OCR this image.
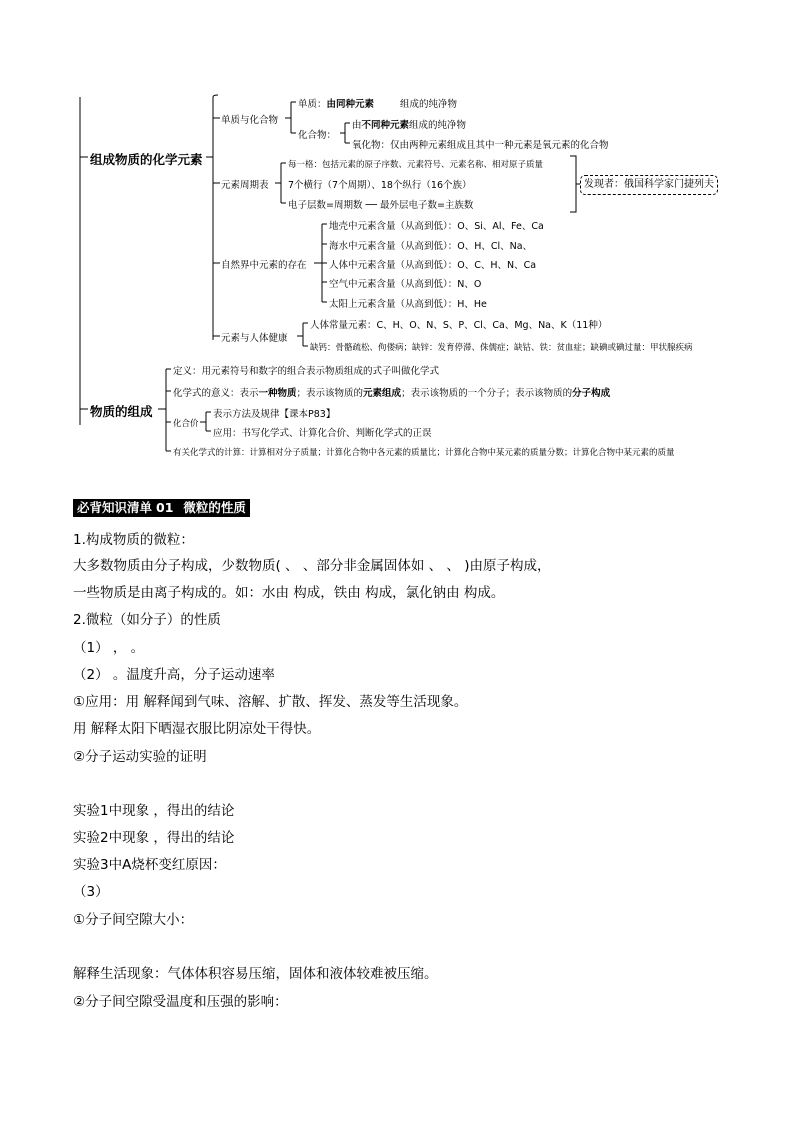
组成物质的化学元素
物质的组成
单质与化合物
单质：由同种元素	组成的纯净物
化合物：
由不同种元素组成的纯净物
氧化物：仅由两种元素组成且其中一种元素是氧元素的化合物
元素周期表
每一格：包括元素的原子序数、元素符号、元素名称、相对原子质量
7个横行（7个周期）、18个纵行（16个族）
电子层数=周期数 ── 最外层电子数=主族数
发现者：俄国科学家门捷列夫
自然界中元素的存在
地壳中元素含量（从高到低）：O、Si、Al、Fe、Ca
海水中元素含量（从高到低）：O、H、Cl、Na、
人体中元素含量（从高到低）：O、C、H、N、Ca
空气中元素含量（从高到低）：N、O
太阳上元素含量（从高到低）：H、He
元素与人体健康
人体常量元素：C、H、O、N、S、P、Cl、Ca、Mg、Na、K（11种）
缺钙：骨骼疏松、佝偻病；缺锌：发育停滞、侏儒症；缺钴、铁：贫血症；缺碘或碘过量：甲状腺疾病
定义：用元素符号和数字的组合表示物质组成的式子叫做化学式
化学式的意义：表示一种物质；表示该物质的元素组成；表示该物质的一个分子；表示该物质的分子构成
化合价
表示方法及规律【课本P83】
应用：书写化学式、计算化合价、判断化学式的正误
有关化学式的计算：计算相对分子质量；计算化合物中各元素的质量比；计算化合物中某元素的质量分数；计算化合物中某元素的质量
必背知识清单 01 微粒的性质
1.构成物质的微粒：
大多数物质由分子构成，少数物质( 、 、部分非金属固体如 、 、 )由原子构成，
一些物质是由离子构成的。如：水由 构成，铁由 构成，氯化钠由 构成。
2.微粒（如分子）的性质
（1） ， 。
（2） 。温度升高，分子运动速率
①应用：用 解释闻到气味、溶解、扩散、挥发、蒸发等生活现象。
用 解释太阳下晒湿衣服比阴凉处干得快。
②分子运动实验的证明
实验1中现象 ，得出的结论
实验2中现象 ，得出的结论
实验3中A烧杯变红原因：
（3）
①分子间空隙大小：
解释生活现象：气体体积容易压缩，固体和液体较难被压缩。
②分子间空隙受温度和压强的影响：
